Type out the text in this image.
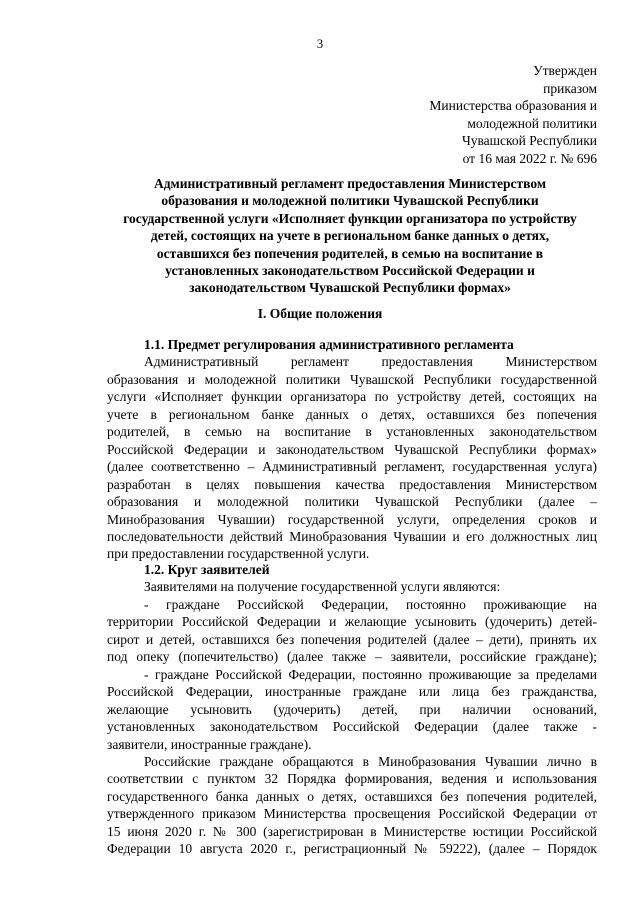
3
Утвержден
приказом
Министерства образования и
молодежной политики
Чувашской Республики
от 16 мая 2022 г. № 696
Административный регламент предоставления Министерством
образования и молодежной политики Чувашской Республики
государственной услуги «Исполняет функции организатора по устройству
детей, состоящих на учете в региональном банке данных о детях,
оставшихся без попечения родителей, в семью на воспитание в
установленных законодательством Российской Федерации и
законодательством Чувашской Республики формах»
I. Общие положения
1.1. Предмет регулирования административного регламента
Административный регламент предоставления Министерством
образования и молодежной политики Чувашской Республики государственной
услуги «Исполняет функции организатора по устройству детей, состоящих на
учете в региональном банке данных о детях, оставшихся без попечения
родителей, в семью на воспитание в установленных законодательством
Российской Федерации и законодательством Чувашской Республики формах»
(далее соответственно – Административный регламент, государственная услуга)
разработан в целях повышения качества предоставления Министерством
образования и молодежной политики Чувашской Республики (далее –
Минобразования Чувашии) государственной услуги, определения сроков и
последовательности действий Минобразования Чувашии и его должностных лиц
при предоставлении государственной услуги.
1.2. Круг заявителей
Заявителями на получение государственной услуги являются:
- граждане Российской Федерации, постоянно проживающие на
территории Российской Федерации и желающие усыновить (удочерить) детей-
сирот и детей, оставшихся без попечения родителей (далее – дети), принять их
под опеку (попечительство) (далее также – заявители, российские граждане);
- граждане Российской Федерации, постоянно проживающие за пределами
Российской Федерации, иностранные граждане или лица без гражданства,
желающие усыновить (удочерить) детей, при наличии оснований,
установленных законодательством Российской Федерации (далее также -
заявители, иностранные граждане).
Российские граждане обращаются в Минобразования Чувашии лично в
соответствии с пунктом 32 Порядка формирования, ведения и использования
государственного банка данных о детях, оставшихся без попечения родителей,
утвержденного приказом Министерства просвещения Российской Федерации от
15 июня 2020 г. № 300 (зарегистрирован в Министерстве юстиции Российской
Федерации 10 августа 2020 г., регистрационный № 59222), (далее – Порядок
